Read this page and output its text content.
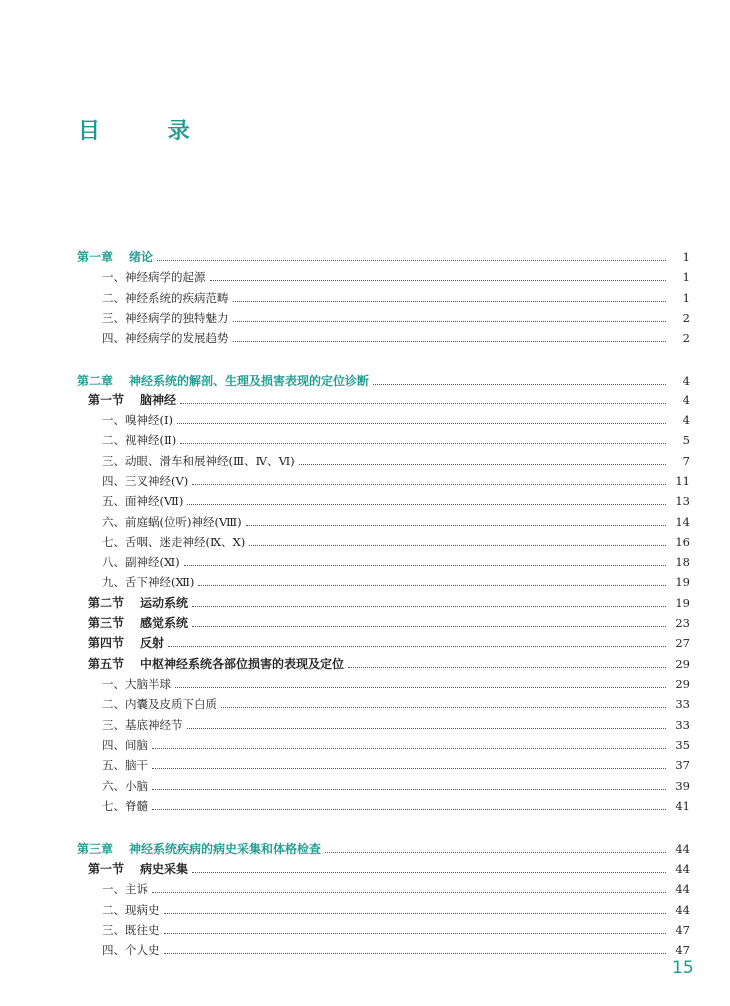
目 录
第一章 绪论	1
一、神经病学的起源	1
二、神经系统的疾病范畴	1
三、神经病学的独特魅力	2
四、神经病学的发展趋势	2
第二章 神经系统的解剖、生理及损害表现的定位诊断	4
第一节 脑神经	4
一、嗅神经(Ⅰ)	4
二、视神经(Ⅱ)	5
三、动眼、滑车和展神经(Ⅲ、Ⅳ、Ⅵ)	7
四、三叉神经(Ⅴ)	11
五、面神经(Ⅶ)	13
六、前庭蜗(位听)神经(Ⅷ)	14
七、舌咽、迷走神经(Ⅸ、Ⅹ)	16
八、副神经(Ⅺ)	18
九、舌下神经(Ⅻ)	19
第二节 运动系统	19
第三节 感觉系统	23
第四节 反射	27
第五节 中枢神经系统各部位损害的表现及定位	29
一、大脑半球	29
二、内囊及皮质下白质	33
三、基底神经节	33
四、间脑	35
五、脑干	37
六、小脑	39
七、脊髓	41
第三章 神经系统疾病的病史采集和体格检查	44
第一节 病史采集	44
一、主诉	44
二、现病史	44
三、既往史	47
四、个人史	47
15
